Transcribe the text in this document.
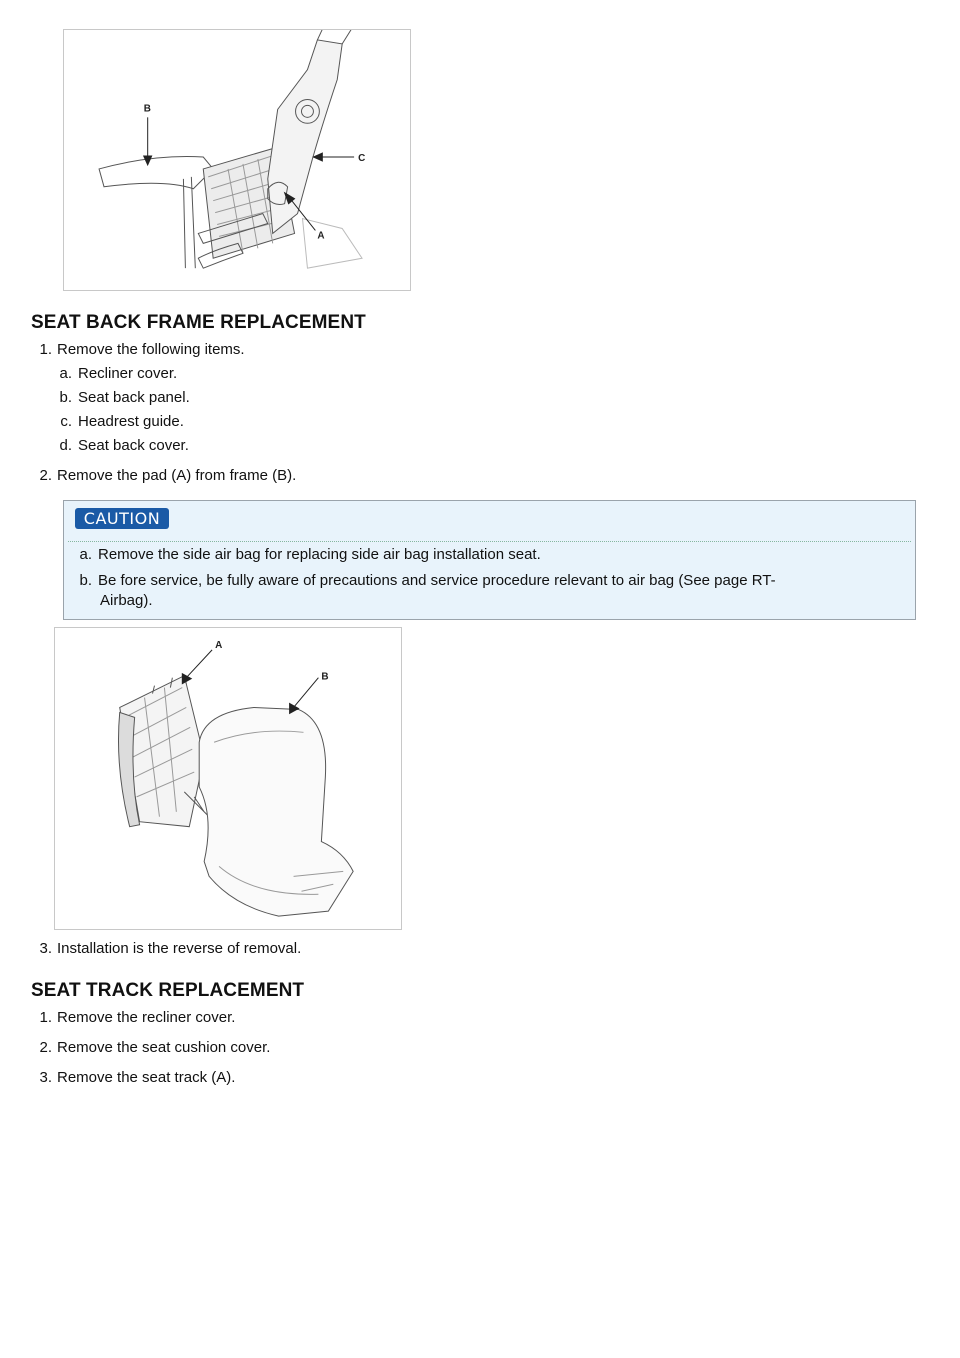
B
C
A
SEAT BACK FRAME REPLACEMENT
1. Remove the following items.
a. Recliner cover.
b. Seat back panel.
c. Headrest guide.
d. Seat back cover.
2. Remove the pad (A) from frame (B).
CAUTION
a. Remove the side air bag for replacing side air bag installation seat.
b. Be fore service, be fully aware of precautions and service procedure relevant to air bag (See page RT-
Airbag).
A
B
3. Installation is the reverse of removal.
SEAT TRACK REPLACEMENT
1. Remove the recliner cover.
2. Remove the seat cushion cover.
3. Remove the seat track (A).
